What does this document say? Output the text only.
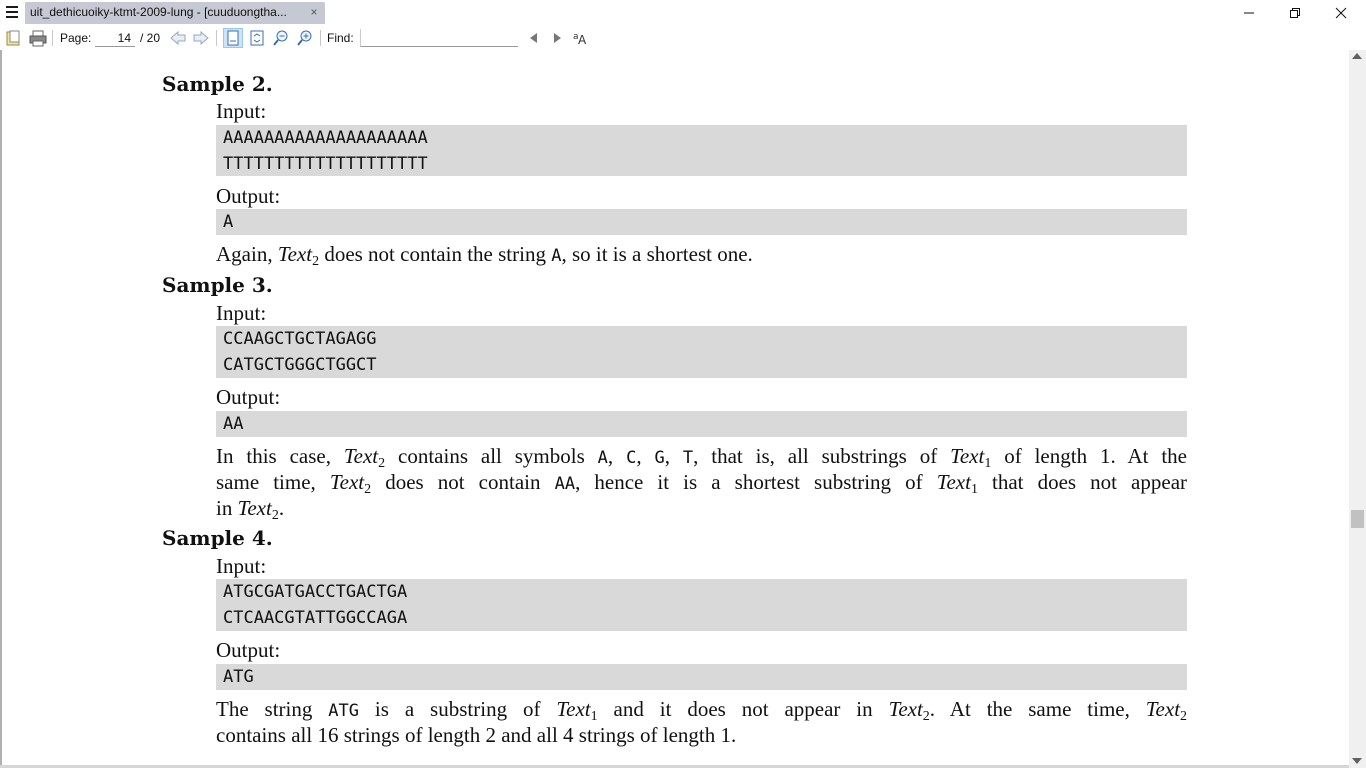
uit_dethicuoiky-ktmt-2009-lung - [cuuduongtha...	×
Page:
14	/ 20	Find:	a A
Sample 2.
Input:
AAAAAAAAAAAAAAAAAAAA
TTTTTTTTTTTTTTTTTTTT
Output:
A
Again, Text$_2$ does not contain the string A, so it is a shortest one.
Sample 3.
Input:
CCAAGCTGCTAGAGG
CATGCTGGGCTGGCT
Output:
AA
In this case, Text$_2$ contains all symbols A, C, G, T, that is, all substrings of Text$_1$ of length 1. At the
same time, Text$_2$ does not contain AA, hence it is a shortest substring of Text$_1$ that does not appear
in Text$_2$.
Sample 4.
Input:
ATGCGATGACCTGACTGA
CTCAACGTATTGGCCAGA
Output:
ATG
The string ATG is a substring of Text$_1$ and it does not appear in Text$_2$. At the same time, Text$_2$
contains all 16 strings of length 2 and all 4 strings of length 1.
